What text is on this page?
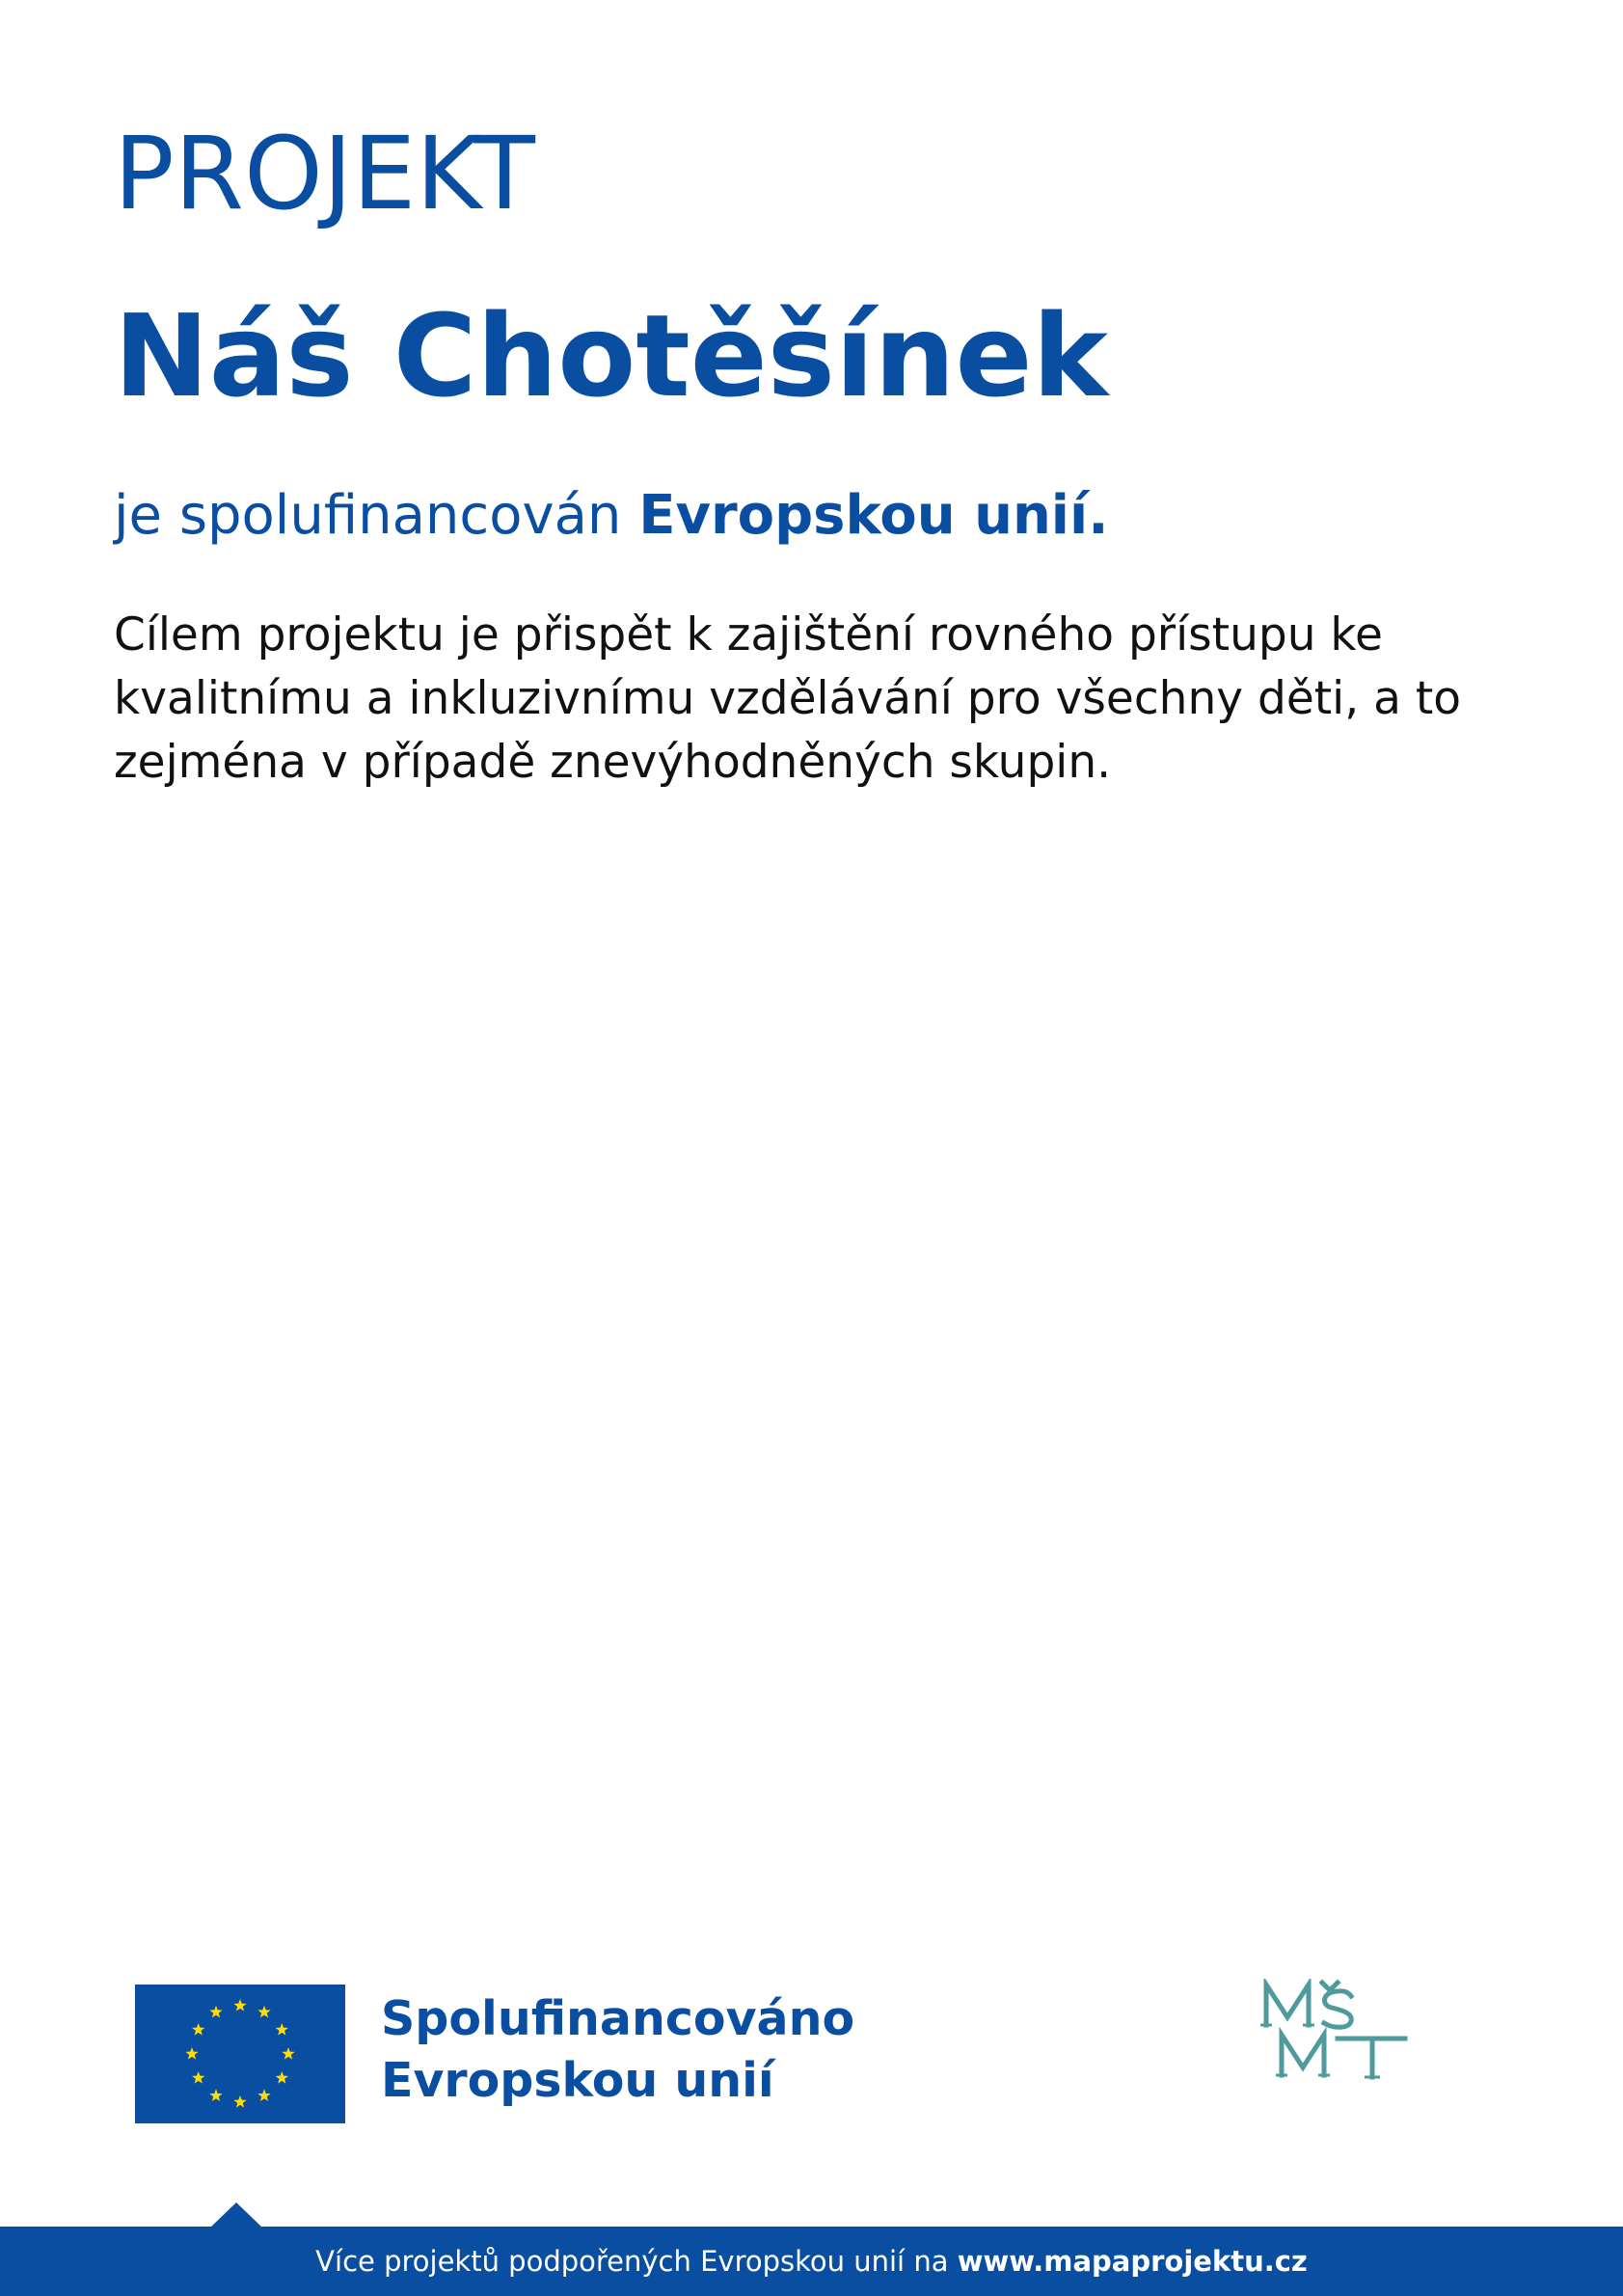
PROJEKT
Náš Chotěšínek
je spolufinancován Evropskou unií.
Cílem projektu je přispět k zajištění rovného přístupu ke
kvalitnímu a inkluzivnímu vzdělávání pro všechny děti, a to
zejména v případě znevýhodněných skupin.
Spolufinancováno
Evropskou unií
Více projektů podpořených Evropskou unií na www.mapaprojektu.cz
